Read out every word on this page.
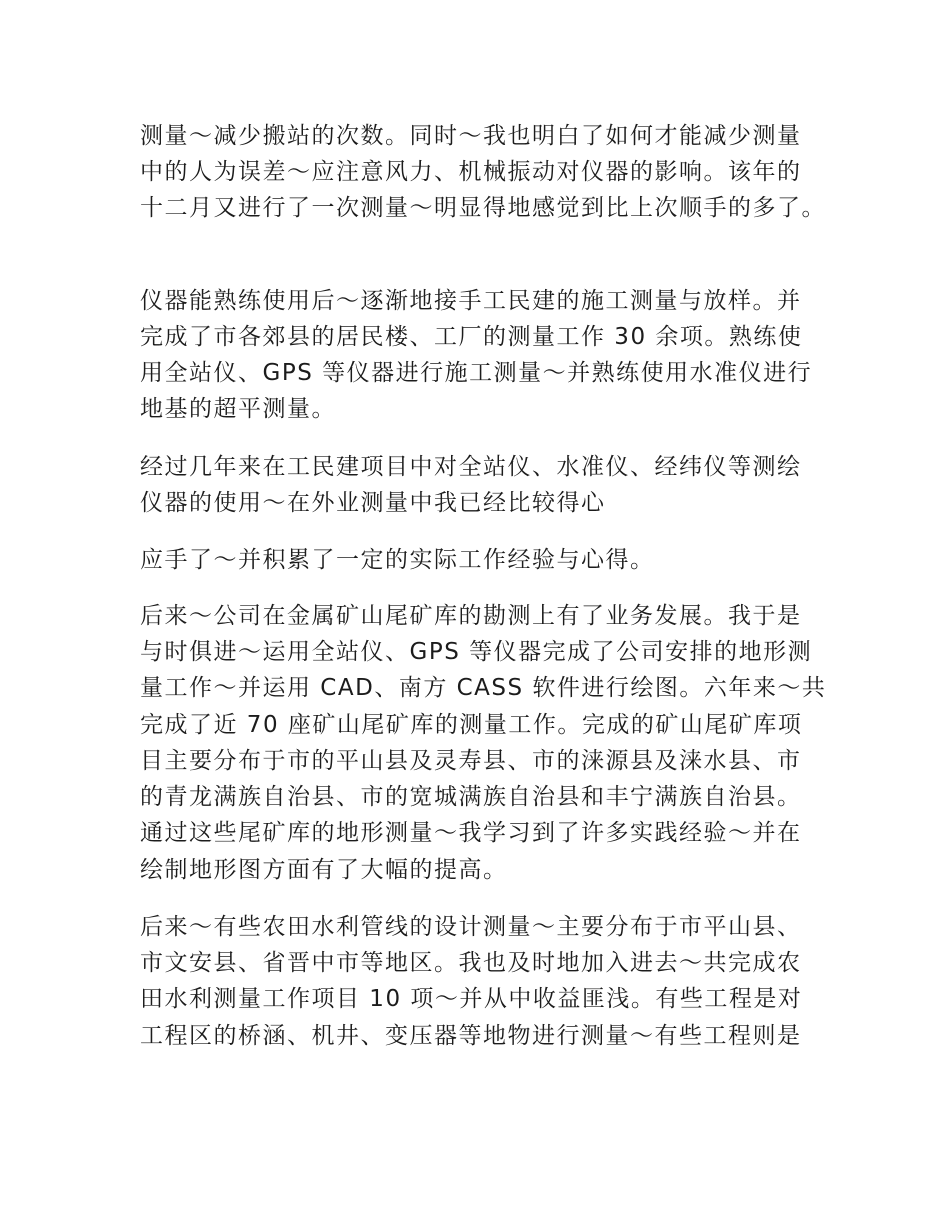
测量～减少搬站的次数。同时～我也明白了如何才能减少测量
中的人为误差～应注意风力、机械振动对仪器的影响。该年的
十二月又进行了一次测量～明显得地感觉到比上次顺手的多了。
仪器能熟练使用后～逐渐地接手工民建的施工测量与放样。并
完成了市各郊县的居民楼、工厂的测量工作 30 余项。熟练使
用全站仪、GPS 等仪器进行施工测量～并熟练使用水准仪进行
地基的超平测量。
经过几年来在工民建项目中对全站仪、水准仪、经纬仪等测绘
仪器的使用～在外业测量中我已经比较得心
应手了～并积累了一定的实际工作经验与心得。
后来～公司在金属矿山尾矿库的勘测上有了业务发展。我于是
与时俱进～运用全站仪、GPS 等仪器完成了公司安排的地形测
量工作～并运用 CAD、南方 CASS 软件进行绘图。六年来～共
完成了近 70 座矿山尾矿库的测量工作。完成的矿山尾矿库项
目主要分布于市的平山县及灵寿县、市的涞源县及涞水县、市
的青龙满族自治县、市的宽城满族自治县和丰宁满族自治县。
通过这些尾矿库的地形测量～我学习到了许多实践经验～并在
绘制地形图方面有了大幅的提高。
后来～有些农田水利管线的设计测量～主要分布于市平山县、
市文安县、省晋中市等地区。我也及时地加入进去～共完成农
田水利测量工作项目 10 项～并从中收益匪浅。有些工程是对
工程区的桥涵、机井、变压器等地物进行测量～有些工程则是
